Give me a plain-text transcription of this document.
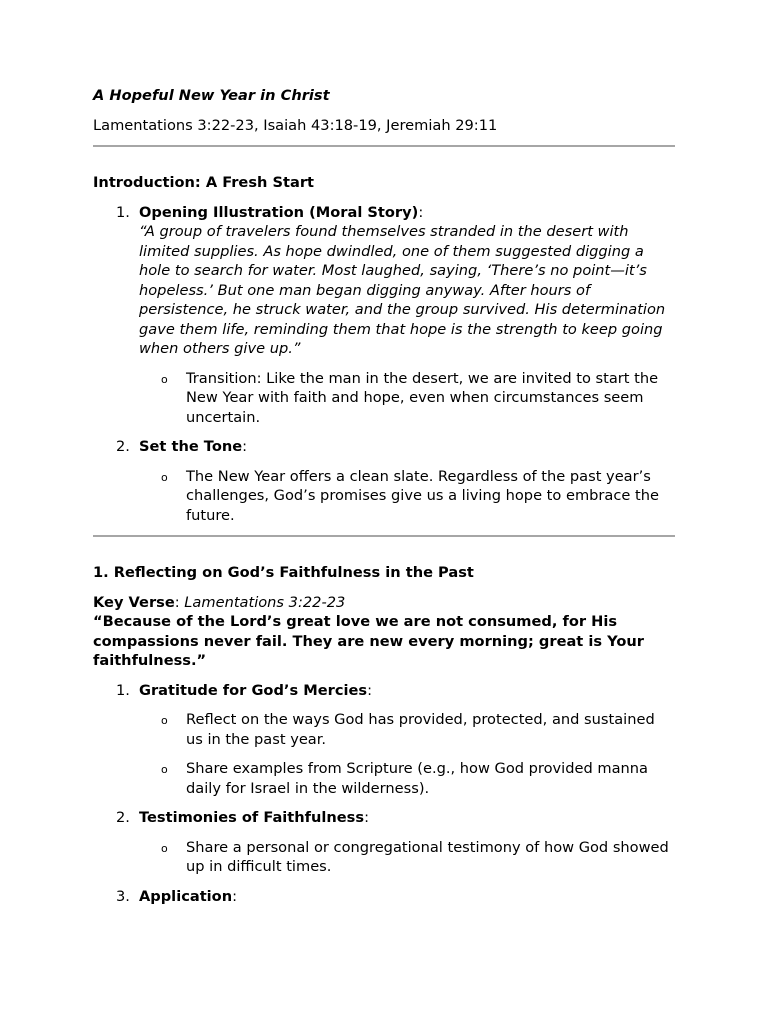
A Hopeful New Year in Christ

Lamentations 3:22-23, Isaiah 43:18-19, Jeremiah 29:11

Introduction: A Fresh Start

1. Opening Illustration (Moral Story):

“A group of travelers found themselves stranded in the desert with limited supplies. As hope dwindled, one of them suggested digging a hole to search for water. Most laughed, saying, ‘There’s no point—it’s hopeless.’ But one man began digging anyway. After hours of persistence, he struck water, and the group survived. His determination gave them life, reminding them that hope is the strength to keep going when others give up.”

o Transition: Like the man in the desert, we are invited to start the New Year with faith and hope, even when circumstances seem uncertain.
2. Set the Tone:

o The New Year offers a clean slate. Regardless of the past year’s challenges, God’s promises give us a living hope to embrace the future.

1. Reflecting on God’s Faithfulness in the Past

Key Verse: Lamentations 3:22-23

“Because of the Lord’s great love we are not consumed, for His compassions never fail. They are new every morning; great is Your faithfulness.”

1. Gratitude for God’s Mercies:

o Reflect on the ways God has provided, protected, and sustained us in the past year.
o Share examples from Scripture (e.g., how God provided manna daily for Israel in the wilderness).
2. Testimonies of Faithfulness:

o Share a personal or congregational testimony of how God showed up in difficult times.
3. Application:
